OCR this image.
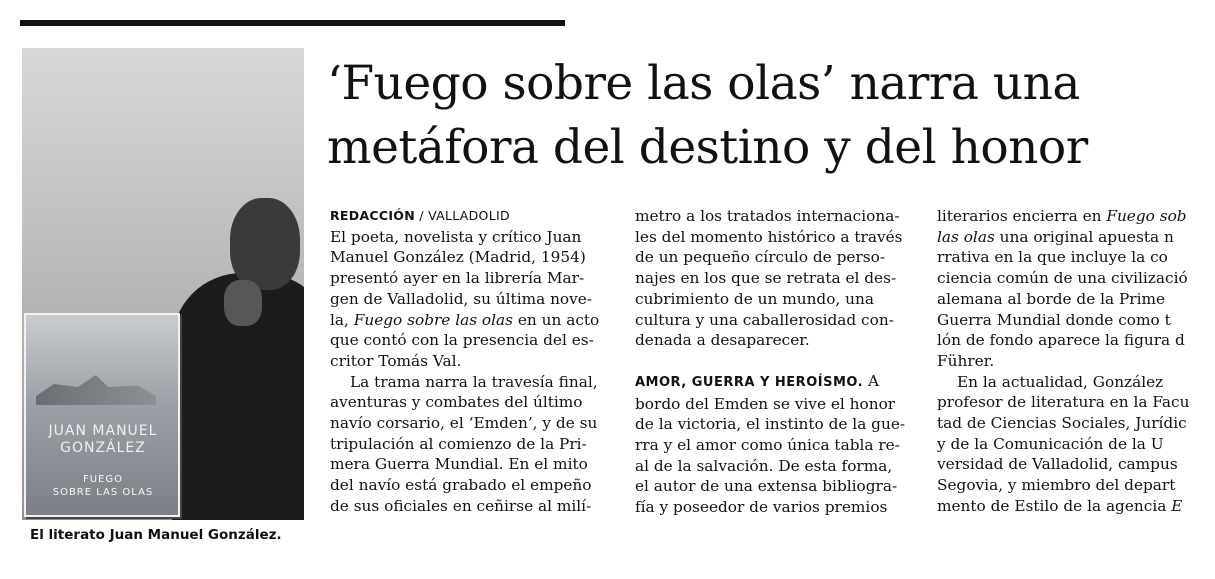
JUAN MANUEL
GONZÁLEZ
FUEGO
SOBRE LAS OLAS
El literato Juan Manuel González.
‘Fuego sobre las olas’ narra una
metáfora del destino y del honor
REDACCIÓN / VALLADOLID
El poeta, novelista y crítico Juan
Manuel González (Madrid, 1954)
presentó ayer en la librería Mar-
gen de Valladolid, su última nove-
la, Fuego sobre las olas en un acto
que contó con la presencia del es-
critor Tomás Val.
La trama narra la travesía final,
aventuras y combates del último
navío corsario, el ‘Emden’, y de su
tripulación al comienzo de la Pri-
mera Guerra Mundial. En el mito
del navío está grabado el empeño
de sus oficiales en ceñirse al milí-
metro a los tratados internaciona-
les del momento histórico a través
de un pequeño círculo de perso-
najes en los que se retrata el des-
cubrimiento de un mundo, una
cultura y una caballerosidad con-
denada a desaparecer.
AMOR, GUERRA Y HEROÍSMO. A
bordo del Emden se vive el honor
de la victoria, el instinto de la gue-
rra y el amor como única tabla re-
al de la salvación. De esta forma,
el autor de una extensa bibliogra-
fía y poseedor de varios premios
literarios encierra en Fuego sob
las olas una original apuesta n
rrativa en la que incluye la co
ciencia común de una civilizació
alemana al borde de la Prime
Guerra Mundial donde como t
lón de fondo aparece la figura d
Führer.
En la actualidad, González
profesor de literatura en la Facu
tad de Ciencias Sociales, Jurídic
y de la Comunicación de la U
versidad de Valladolid, campus
Segovia, y miembro del depart
mento de Estilo de la agencia E
